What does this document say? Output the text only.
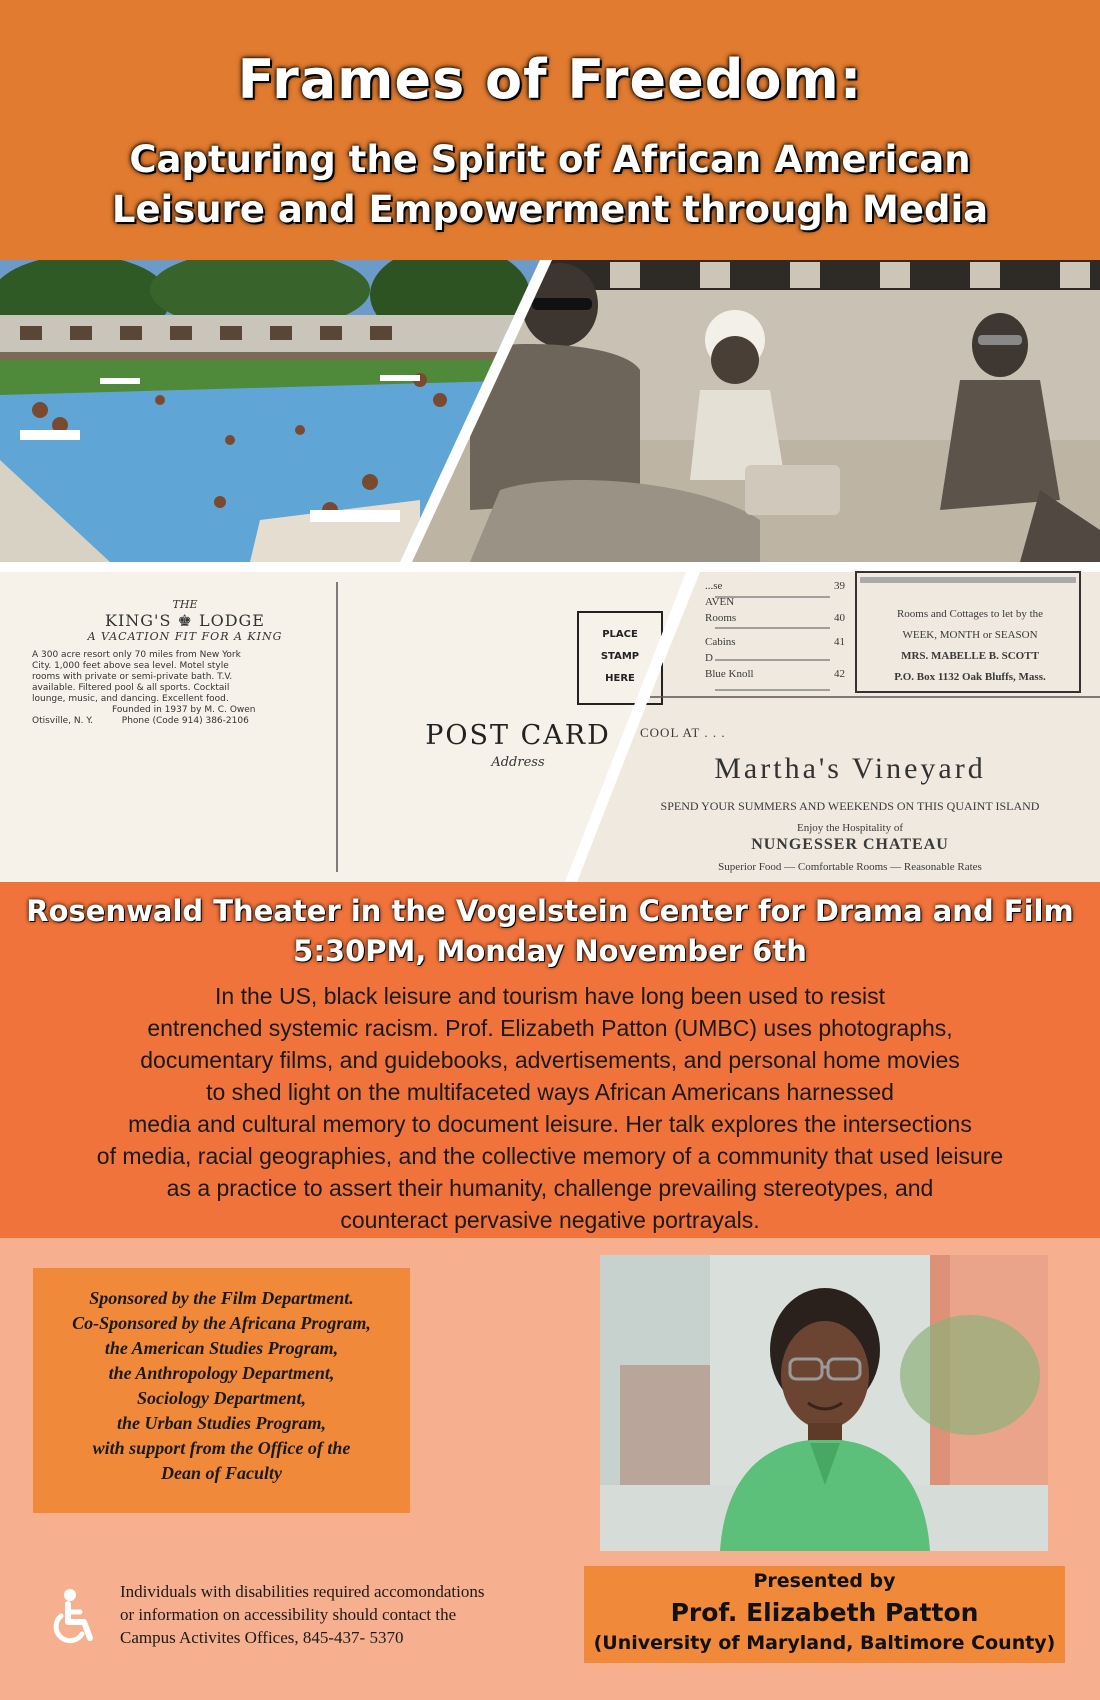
Frames of Freedom:
Capturing the Spirit of African American
Leisure and Empowerment through Media
THE
KING'S ♚ LODGE
A VACATION FIT FOR A KING
A 300 acre resort only 70 miles from New York
City. 1,000 feet above sea level. Motel style
rooms with private or semi-private bath. T.V.
available. Filtered pool & all sports. Cocktail
lounge, music, and dancing. Excellent food.
Founded in 1937 by M. C. Owen
Otisville, N. Y.	Phone (Code 914) 386-2106
PLACE
STAMP
HERE
POST CARD
Address
...se	39
AVEN
Rooms	40
Cabins	41
D
Blue Knoll	42
Rooms and Cottages to let by the
WEEK, MONTH or SEASON
MRS. MABELLE B. SCOTT
P.O. Box 1132 Oak Bluffs, Mass.
COOL AT . . .
Martha's Vineyard
SPEND YOUR SUMMERS AND WEEKENDS ON THIS QUAINT ISLAND
Enjoy the Hospitality of
NUNGESSER CHATEAU
Superior Food — Comfortable Rooms — Reasonable Rates
Rosenwald Theater in the Vogelstein Center for Drama and Film
5:30PM, Monday November 6th
In the US, black leisure and tourism have long been used to resist
entrenched systemic racism. Prof. Elizabeth Patton (UMBC) uses photographs,
documentary films, and guidebooks, advertisements, and personal home movies
to shed light on the multifaceted ways African Americans harnessed
media and cultural memory to document leisure. Her talk explores the intersections
of media, racial geographies, and the collective memory of a community that used leisure
as a practice to assert their humanity, challenge prevailing stereotypes, and
counteract pervasive negative portrayals.
Sponsored by the Film Department.
Co-Sponsored by the Africana Program,
the American Studies Program,
the Anthropology Department,
Sociology Department,
the Urban Studies Program,
with support from the Office of the
Dean of Faculty
Presented by
Prof. Elizabeth Patton
(University of Maryland, Baltimore County)
Individuals with disabilities required accomondations
or information on accessibility should contact the
Campus Activites Offices, 845-437- 5370
